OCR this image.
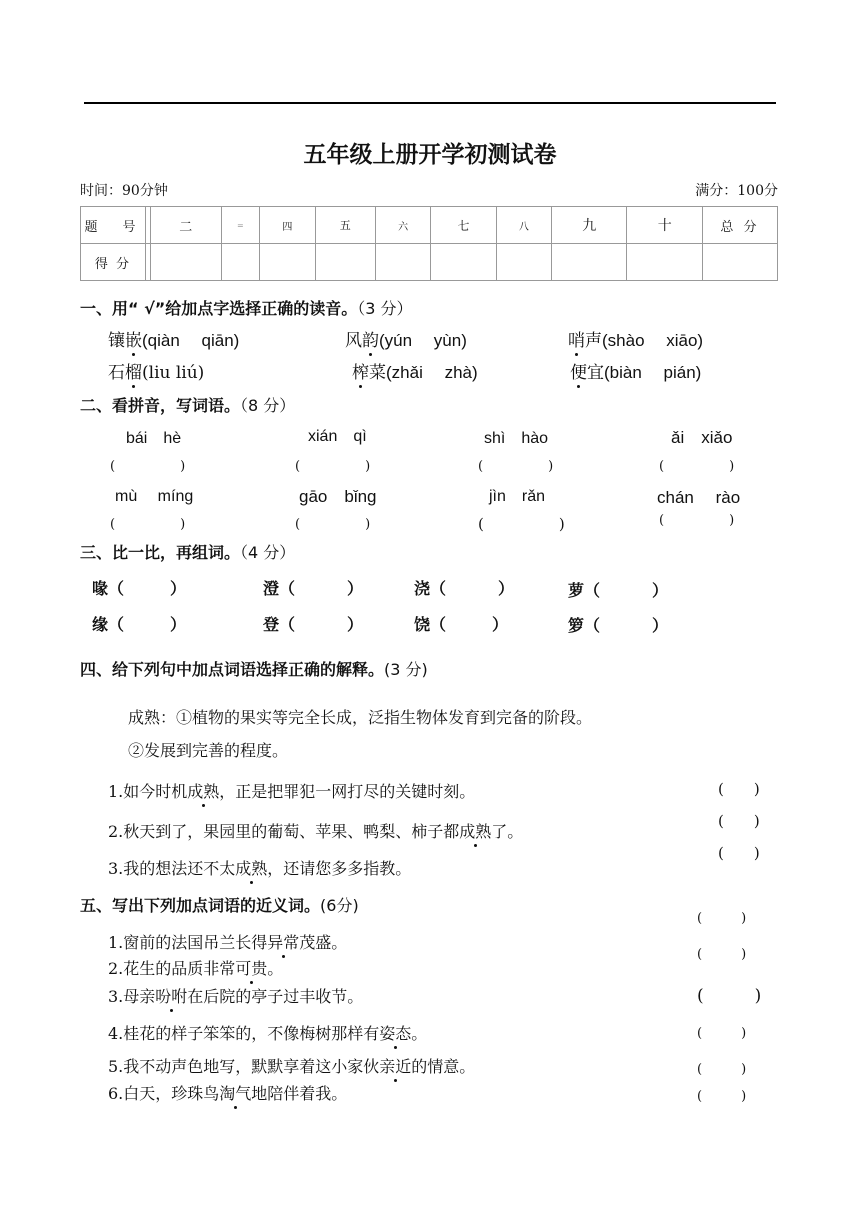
五年级上册开学初测试卷
时间：90分钟	满分：100分
题　号		二	=	四	五	六	七	八	九	十	总 分
得 分											
一、用“ √”给加点字选择正确的读音。（3 分）
镶嵌(qiàn　 qiān)	风韵(yún　 yùn)	哨声(shào　 xiāo)
石榴(liu liú)	榨菜(zhǎi　 zhà)	便宜(biàn　 pián)
二、看拼音，写词语。（8 分）
bái　hè	xián　qì	shì　hào	ǎi　xiǎo
(　　　　　)	(　　　　　)	(　　　　　)	(　　　　　)
mù　 míng	gāo　bǐng	jìn　rǎn	chán　 rào
(　　　　　)	(　　　　　)	(　　　　　)	(　　　　　)
三、比一比，再组词。（4 分）
喙（	）	澄（	）	浇（	）	萝（	）
缘（	）	登（	）	饶（	）	箩（	）
四、给下列句中加点词语选择正确的解释。(3 分)
成熟：①植物的果实等完全长成，泛指生物体发育到完备的阶段。
②发展到完善的程度。
1.如今时机成熟，正是把罪犯一网打尽的关键时刻。
2.秋天到了，果园里的葡萄、苹果、鸭梨、柿子都成熟了。
3.我的想法还不太成熟，还请您多多指教。
(　　)
(　　)
(　　)
五、写出下列加点词语的近义词。(6分)
1.窗前的法国吊兰长得异常茂盛。
2.花生的品质非常可贵。
3.母亲吩咐在后院的亭子过丰收节。
4.桂花的样子笨笨的，不像梅树那样有姿态。
5.我不动声色地写，默默享着这小家伙亲近的情意。
6.白天，珍珠鸟淘气地陪伴着我。
(　　　)
(　　　)
(　　　)
(　　　)
(　　　)
(　　　)
